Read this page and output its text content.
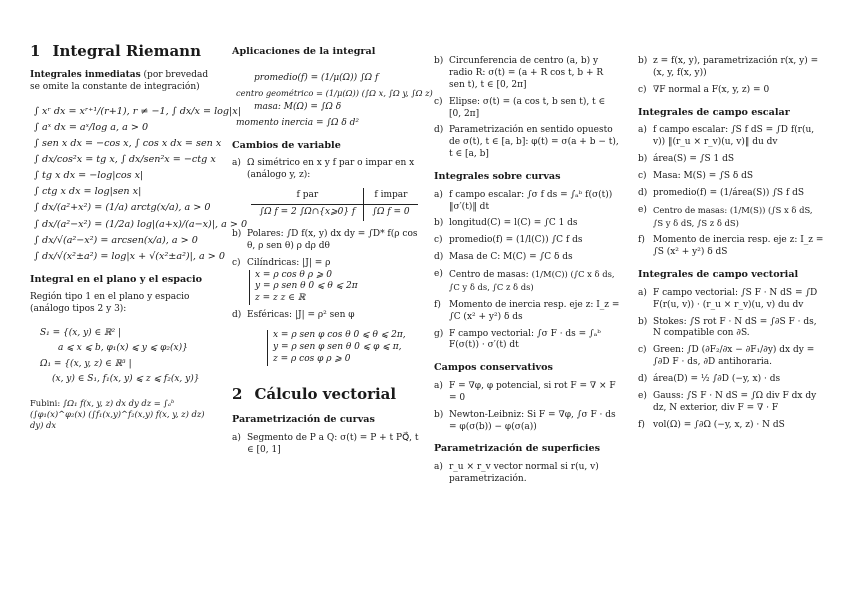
1 Integral Riemann
Integrales inmediatas (por brevedad se omite la constante de integración)
∫ xʳ dx = xʳ⁺¹/(r+1), r ≠ −1, ∫ dx/x = log|x|
∫ aˣ dx = aˣ/log a, a > 0
∫ sen x dx = −cos x, ∫ cos x dx = sen x
∫ dx/cos²x = tg x, ∫ dx/sen²x = −ctg x
∫ tg x dx = −log|cos x|
∫ ctg x dx = log|sen x|
∫ dx/(a²+x²) = (1/a) arctg(x/a), a > 0
∫ dx/(a²−x²) = (1/2a) log|(a+x)/(a−x)|, a > 0
∫ dx/√(a²−x²) = arcsen(x/a), a > 0
∫ dx/√(x²±a²) = log|x + √(x²±a²)|, a > 0
Integral en el plano y el espacio
Región tipo 1 en el plano y espacio (análogo tipos 2 y 3):
S₁ = {(x, y) ∈ ℝ² |
a ⩽ x ⩽ b, φ₁(x) ⩽ y ⩽ φ₂(x)}
Ω₁ = {(x, y, z) ∈ ℝ³ |
(x, y) ∈ S₁, f₁(x, y) ⩽ z ⩽ f₂(x, y)}
Fubini: ∫Ω₁ f(x, y, z) dx dy dz = ∫ₐᵇ (∫φ₁(x)^φ₂(x) (∫f₁(x,y)^f₂(x,y) f(x, y, z) dz) dy) dx
Aplicaciones de la integral
promedio(f) = (1/μ(Ω)) ∫Ω f
centro geométrico = (1/μ(Ω)) (∫Ω x, ∫Ω y, ∫Ω z)
masa: M(Ω) = ∫Ω δ
momento inercia = ∫Ω δ d²
Cambios de variable
a) Ω simétrico en x y f par o impar en x (análogo y, z):
f par	f impar
∫Ω f = 2 ∫Ω∩{x⩾0} f	∫Ω f = 0
b) Polares: ∫D f(x, y) dx dy = ∫D* f(ρ cos θ, ρ sen θ) ρ dρ dθ
c) Cilíndricas: |J| = ρ
x = ρ cos θ ρ ⩾ 0
y = ρ sen θ 0 ⩽ θ ⩽ 2π
z = z z ∈ ℝ
d) Esféricas: |J| = ρ² sen φ
x = ρ sen φ cos θ 0 ⩽ θ ⩽ 2π,
y = ρ sen φ sen θ 0 ⩽ φ ⩽ π,
z = ρ cos φ ρ ⩾ 0
2 Cálculo vectorial
Parametrización de curvas
a) Segmento de P a Q: σ(t) = P + t PQ⃗, t ∈ [0, 1]
b) Circunferencia de centro (a, b) y radio R: σ(t) = (a + R cos t, b + R sen t), t ∈ [0, 2π]
c) Elipse: σ(t) = (a cos t, b sen t), t ∈ [0, 2π]
d) Parametrización en sentido opuesto de σ(t), t ∈ [a, b]: φ(t) = σ(a + b − t), t ∈ [a, b]
Integrales sobre curvas
a) f campo escalar: ∫σ f ds = ∫ₐᵇ f(σ(t)) ‖σ′(t)‖ dt
b) longitud(C) = l(C) = ∫C 1 ds
c) promedio(f) = (1/l(C)) ∫C f ds
d) Masa de C: M(C) = ∫C δ ds
e) Centro de masas: (1/M(C)) (∫C x δ ds, ∫C y δ ds, ∫C z δ ds)
f) Momento de inercia resp. eje z: I_z = ∫C (x² + y²) δ ds
g) F campo vectorial: ∫σ F · ds = ∫ₐᵇ F(σ(t)) · σ′(t) dt
Campos conservativos
a) F = ∇φ, φ potencial, si rot F = ∇ × F = 0
b) Newton-Leibniz: Si F = ∇φ, ∫σ F · ds = φ(σ(b)) − φ(σ(a))
Parametrización de superficies
a) r_u × r_v vector normal si r(u, v) parametrización.
b) z = f(x, y), parametrización r(x, y) = (x, y, f(x, y))
c) ∇F normal a F(x, y, z) = 0
Integrales de campo escalar
a) f campo escalar: ∫S f dS = ∫D f(r(u, v)) ‖(r_u × r_v)(u, v)‖ du dv
b) área(S) = ∫S 1 dS
c) Masa: M(S) = ∫S δ dS
d) promedio(f) = (1/área(S)) ∫S f dS
e) Centro de masas: (1/M(S)) (∫S x δ dS, ∫S y δ dS, ∫S z δ dS)
f) Momento de inercia resp. eje z: I_z = ∫S (x² + y²) δ dS
Integrales de campo vectorial
a) F campo vectorial: ∫S F · N dS = ∫D F(r(u, v)) · (r_u × r_v)(u, v) du dv
b) Stokes: ∫S rot F · N dS = ∫∂S F · ds, N compatible con ∂S.
c) Green: ∫D (∂F₂/∂x − ∂F₁/∂y) dx dy = ∫∂D F · ds, ∂D antihoraria.
d) área(D) = ½ ∫∂D (−y, x) · ds
e) Gauss: ∫S F · N dS = ∫Ω div F dx dy dz, N exterior, div F = ∇ · F
f) vol(Ω) = ∫∂Ω (−y, x, z) · N dS
